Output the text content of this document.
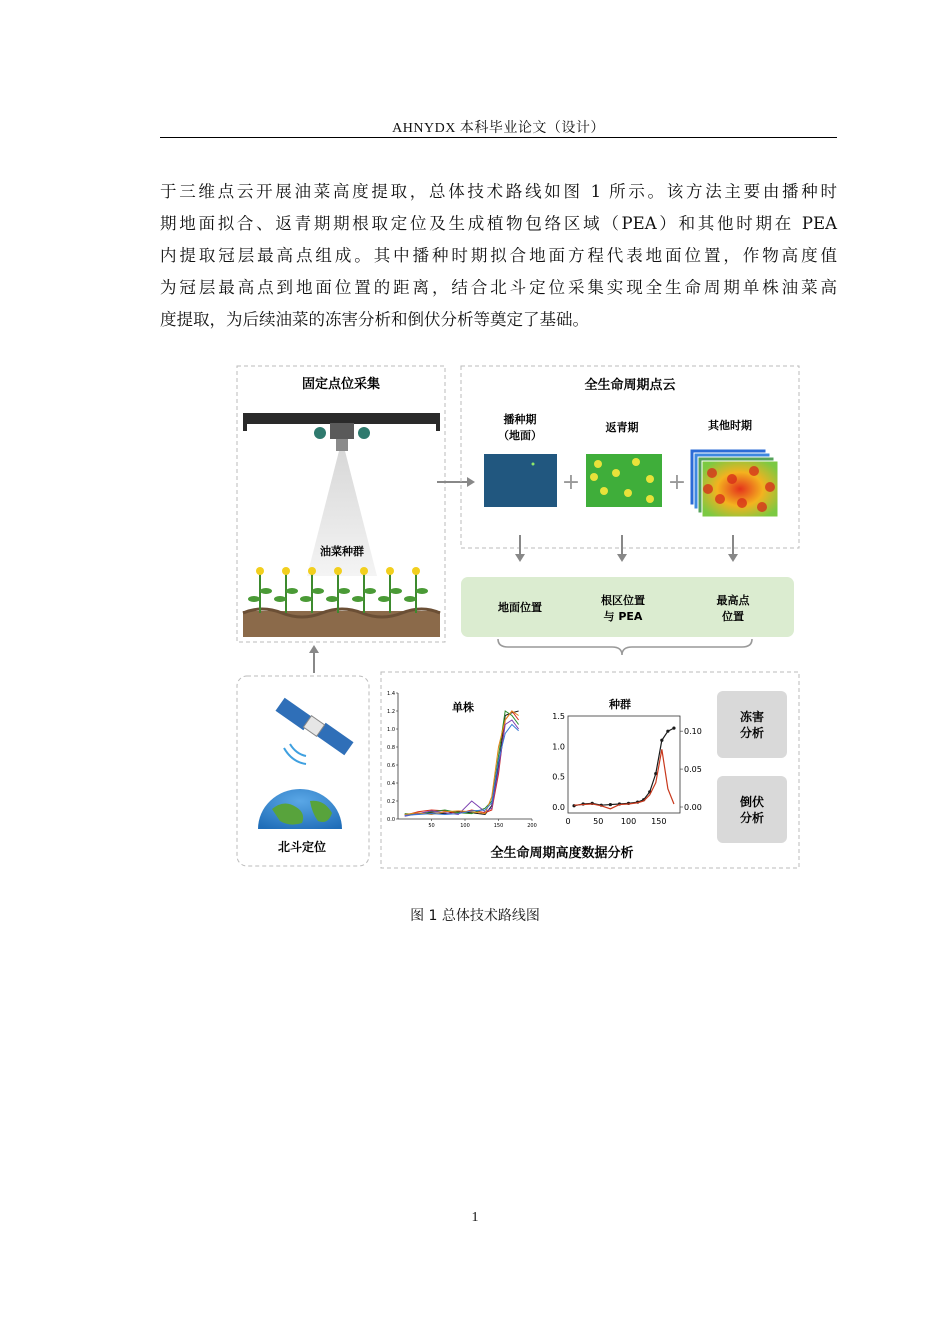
AHNYDX 本科毕业论文（设计）
于三维点云开展油菜高度提取，总体技术路线如图 1 所示。该方法主要由播种时
期地面拟合、返青期期根取定位及生成植物包络区域（PEA）和其他时期在 PEA
内提取冠层最高点组成。其中播种时期拟合地面方程代表地面位置，作物高度值
为冠层最高点到地面位置的距离，结合北斗定位采集实现全生命周期单株油菜高
度提取，为后续油菜的冻害分析和倒伏分析等奠定了基础。
固定点位采集
油菜种群
全生命周期点云
播种期
（地面）
返青期	其他时期
+	+
地面位置
根区位置
与 PEA
最高点
位置
北斗定位	全生命周期高度数据分析
单株
0.0
0.2
0.4
0.6
0.8
1.0
1.2
1.4
50	100	150	200
种群
0.0
0.5
1.0
1.5
0.00
0.05
0.10
0	50 100 150
冻害
分析
倒伏
分析
图 1 总体技术路线图
1
